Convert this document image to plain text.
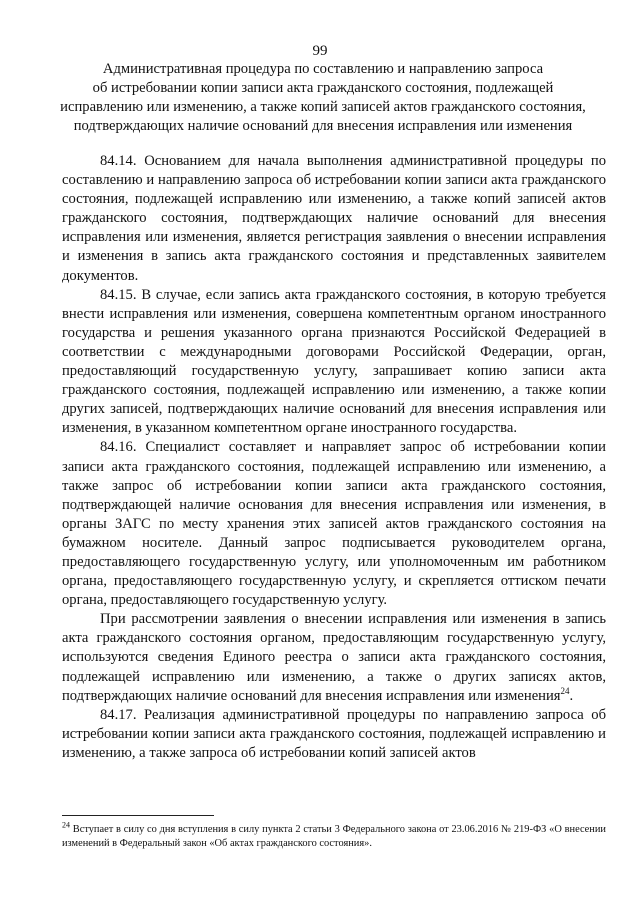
99
Административная процедура по составлению и направлению запроса
об истребовании копии записи акта гражданского состояния, подлежащей
исправлению или изменению, а также копий записей актов гражданского состояния,
подтверждающих наличие оснований для внесения исправления или изменения

84.14. Основанием для начала выполнения административной процедуры по составлению и направлению запроса об истребовании копии записи акта гражданского состояния, подлежащей исправлению или изменению, а также копий записей актов гражданского состояния, подтверждающих наличие оснований для внесения исправления или изменения, является регистрация заявления о внесении исправления и изменения в запись акта гражданского состояния и представленных заявителем документов.

84.15. В случае, если запись акта гражданского состояния, в которую требуется внести исправления или изменения, совершена компетентным органом иностранного государства и решения указанного органа признаются Российской Федерацией в соответствии с международными договорами Российской Федерации, орган, предоставляющий государственную услугу, запрашивает копию записи акта гражданского состояния, подлежащей исправлению или изменению, а также копии других записей, подтверждающих наличие оснований для внесения исправления или изменения, в указанном компетентном органе иностранного государства.

84.16. Специалист составляет и направляет запрос об истребовании копии записи акта гражданского состояния, подлежащей исправлению или изменению, а также запрос об истребовании копии записи акта гражданского состояния, подтверждающей наличие основания для внесения исправления или изменения, в органы ЗАГС по месту хранения этих записей актов гражданского состояния на бумажном носителе. Данный запрос подписывается руководителем органа, предоставляющего государственную услугу, или уполномоченным им работником органа, предоставляющего государственную услугу, и скрепляется оттиском печати органа, предоставляющего государственную услугу.

При рассмотрении заявления о внесении исправления или изменения в запись акта гражданского состояния органом, предоставляющим государственную услугу, используются сведения Единого реестра о записи акта гражданского состояния, подлежащей исправлению или изменению, а также о других записях актов, подтверждающих наличие оснований для внесения исправления или изменения$^{24}$.

84.17. Реализация административной процедуры по направлению запроса об истребовании копии записи акта гражданского состояния, подлежащей исправлению и изменению, а также запроса об истребовании копий записей актов

$^{24}$ Вступает в силу со дня вступления в силу пункта 2 статьи 3 Федерального закона от 23.06.2016 № 219-ФЗ «О внесении изменений в Федеральный закон «Об актах гражданского состояния».
